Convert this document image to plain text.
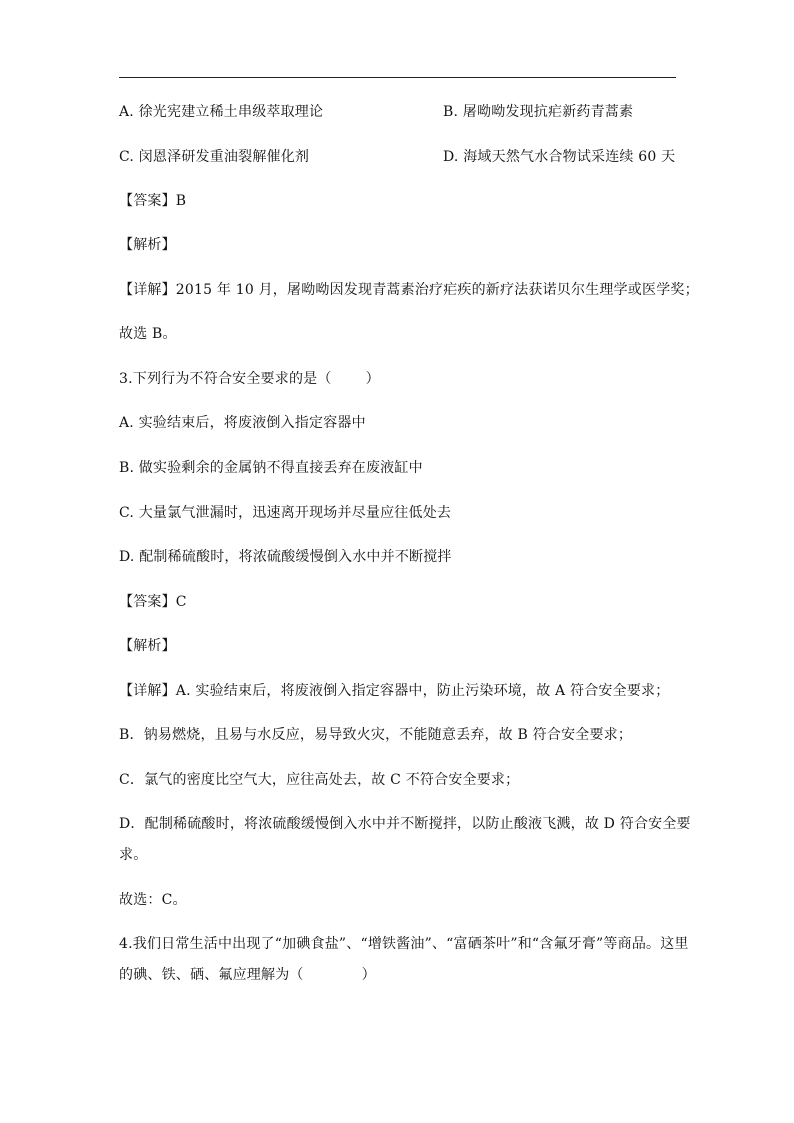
A. 徐光宪建立稀土串级萃取理论	B. 屠呦呦发现抗疟新药青蒿素
C. 闵恩泽研发重油裂解催化剂	D. 海域天然气水合物试采连续 60 天
【答案】B
【解析】
【详解】2015 年 10 月，屠呦呦因发现青蒿素治疗疟疾的新疗法获诺贝尔生理学或医学奖；
故选 B。
3.下列行为不符合安全要求的是（ ）
A. 实验结束后，将废液倒入指定容器中
B. 做实验剩余的金属钠不得直接丢弃在废液缸中
C. 大量氯气泄漏时，迅速离开现场并尽量应往低处去
D. 配制稀硫酸时，将浓硫酸缓慢倒入水中并不断搅拌
【答案】C
【解析】
【详解】A. 实验结束后，将废液倒入指定容器中，防止污染环境，故 A 符合安全要求；
B．钠易燃烧，且易与水反应，易导致火灾，不能随意丢弃，故 B 符合安全要求；
C．氯气的密度比空气大，应往高处去，故 C 不符合安全要求；
D．配制稀硫酸时，将浓硫酸缓慢倒入水中并不断搅拌，以防止酸液飞溅，故 D 符合安全要
求。
故选：C。
4.我们日常生活中出现了“加碘食盐”、“增铁酱油”、“富硒茶叶”和“含氟牙膏”等商品。这里
的碘、铁、硒、氟应理解为（	）
